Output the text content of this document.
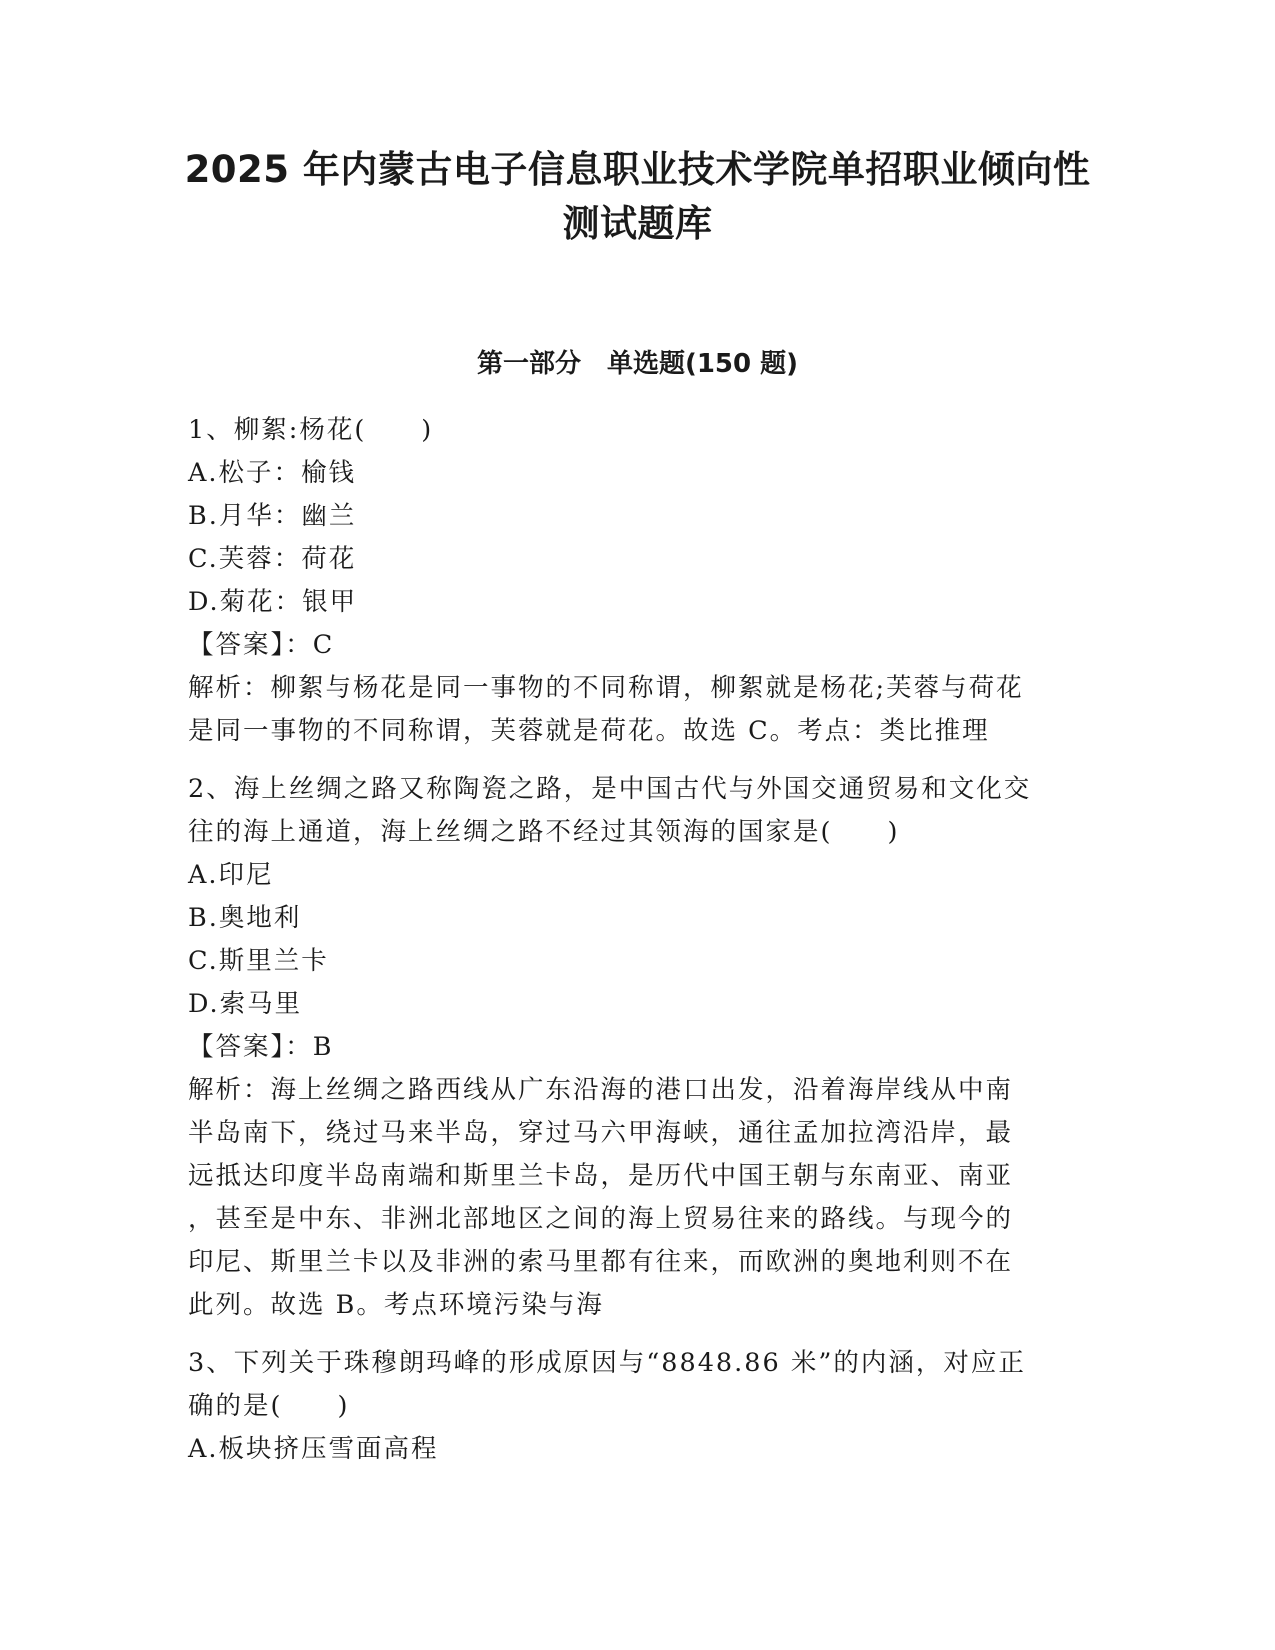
2025 年内蒙古电子信息职业技术学院单招职业倾向性
测试题库
第一部分　单选题(150 题)
1、柳絮:杨花(　　)
A.松子：榆钱
B.月华：幽兰
C.芙蓉：荷花
D.菊花：银甲
【答案】：C
解析：柳絮与杨花是同一事物的不同称谓，柳絮就是杨花;芙蓉与荷花
是同一事物的不同称谓，芙蓉就是荷花。故选 C。考点：类比推理
2、海上丝绸之路又称陶瓷之路，是中国古代与外国交通贸易和文化交
往的海上通道，海上丝绸之路不经过其领海的国家是(　　)
A.印尼
B.奥地利
C.斯里兰卡
D.索马里
【答案】：B
解析：海上丝绸之路西线从广东沿海的港口出发，沿着海岸线从中南
半岛南下，绕过马来半岛，穿过马六甲海峡，通往孟加拉湾沿岸，最
远抵达印度半岛南端和斯里兰卡岛，是历代中国王朝与东南亚、南亚
，甚至是中东、非洲北部地区之间的海上贸易往来的路线。与现今的
印尼、斯里兰卡以及非洲的索马里都有往来，而欧洲的奥地利则不在
此列。故选 B。考点环境污染与海
3、下列关于珠穆朗玛峰的形成原因与“8848.86 米”的内涵，对应正
确的是(　　)
A.板块挤压雪面高程
